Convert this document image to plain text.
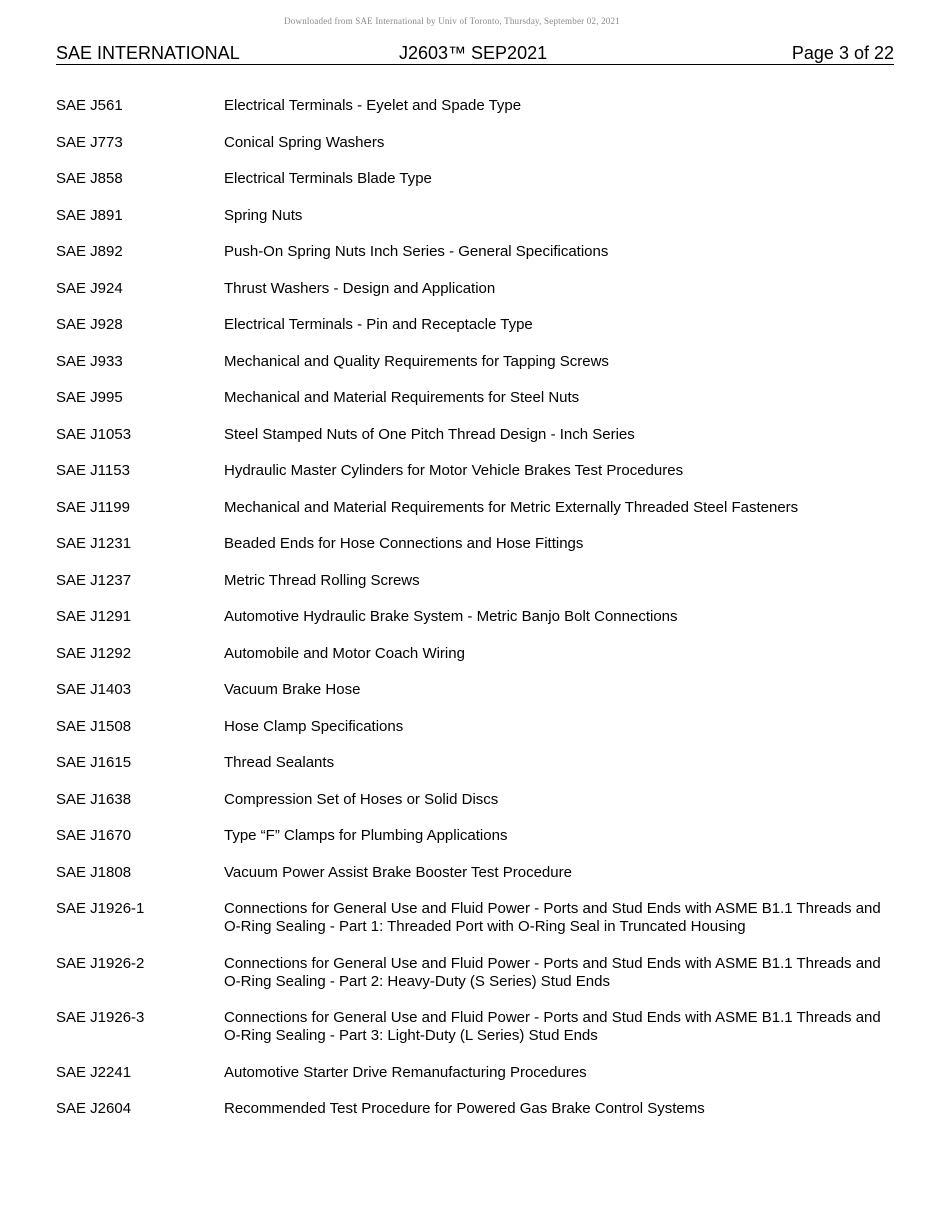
Downloaded from SAE International by Univ of Toronto, Thursday, September 02, 2021
SAE INTERNATIONAL	J2603™ SEP2021	Page 3 of 22
SAE J561	Electrical Terminals - Eyelet and Spade Type
SAE J773	Conical Spring Washers
SAE J858	Electrical Terminals Blade Type
SAE J891	Spring Nuts
SAE J892	Push-On Spring Nuts Inch Series - General Specifications
SAE J924	Thrust Washers - Design and Application
SAE J928	Electrical Terminals - Pin and Receptacle Type
SAE J933	Mechanical and Quality Requirements for Tapping Screws
SAE J995	Mechanical and Material Requirements for Steel Nuts
SAE J1053	Steel Stamped Nuts of One Pitch Thread Design - Inch Series
SAE J1153	Hydraulic Master Cylinders for Motor Vehicle Brakes Test Procedures
SAE J1199	Mechanical and Material Requirements for Metric Externally Threaded Steel Fasteners
SAE J1231	Beaded Ends for Hose Connections and Hose Fittings
SAE J1237	Metric Thread Rolling Screws
SAE J1291	Automotive Hydraulic Brake System - Metric Banjo Bolt Connections
SAE J1292	Automobile and Motor Coach Wiring
SAE J1403	Vacuum Brake Hose
SAE J1508	Hose Clamp Specifications
SAE J1615	Thread Sealants
SAE J1638	Compression Set of Hoses or Solid Discs
SAE J1670	Type “F” Clamps for Plumbing Applications
SAE J1808	Vacuum Power Assist Brake Booster Test Procedure
SAE J1926-1	Connections for General Use and Fluid Power - Ports and Stud Ends with ASME B1.1 Threads and O-Ring Sealing - Part 1: Threaded Port with O-Ring Seal in Truncated Housing
SAE J1926-2	Connections for General Use and Fluid Power - Ports and Stud Ends with ASME B1.1 Threads and O-Ring Sealing - Part 2: Heavy-Duty (S Series) Stud Ends
SAE J1926-3	Connections for General Use and Fluid Power - Ports and Stud Ends with ASME B1.1 Threads and O-Ring Sealing - Part 3: Light-Duty (L Series) Stud Ends
SAE J2241	Automotive Starter Drive Remanufacturing Procedures
SAE J2604	Recommended Test Procedure for Powered Gas Brake Control Systems
